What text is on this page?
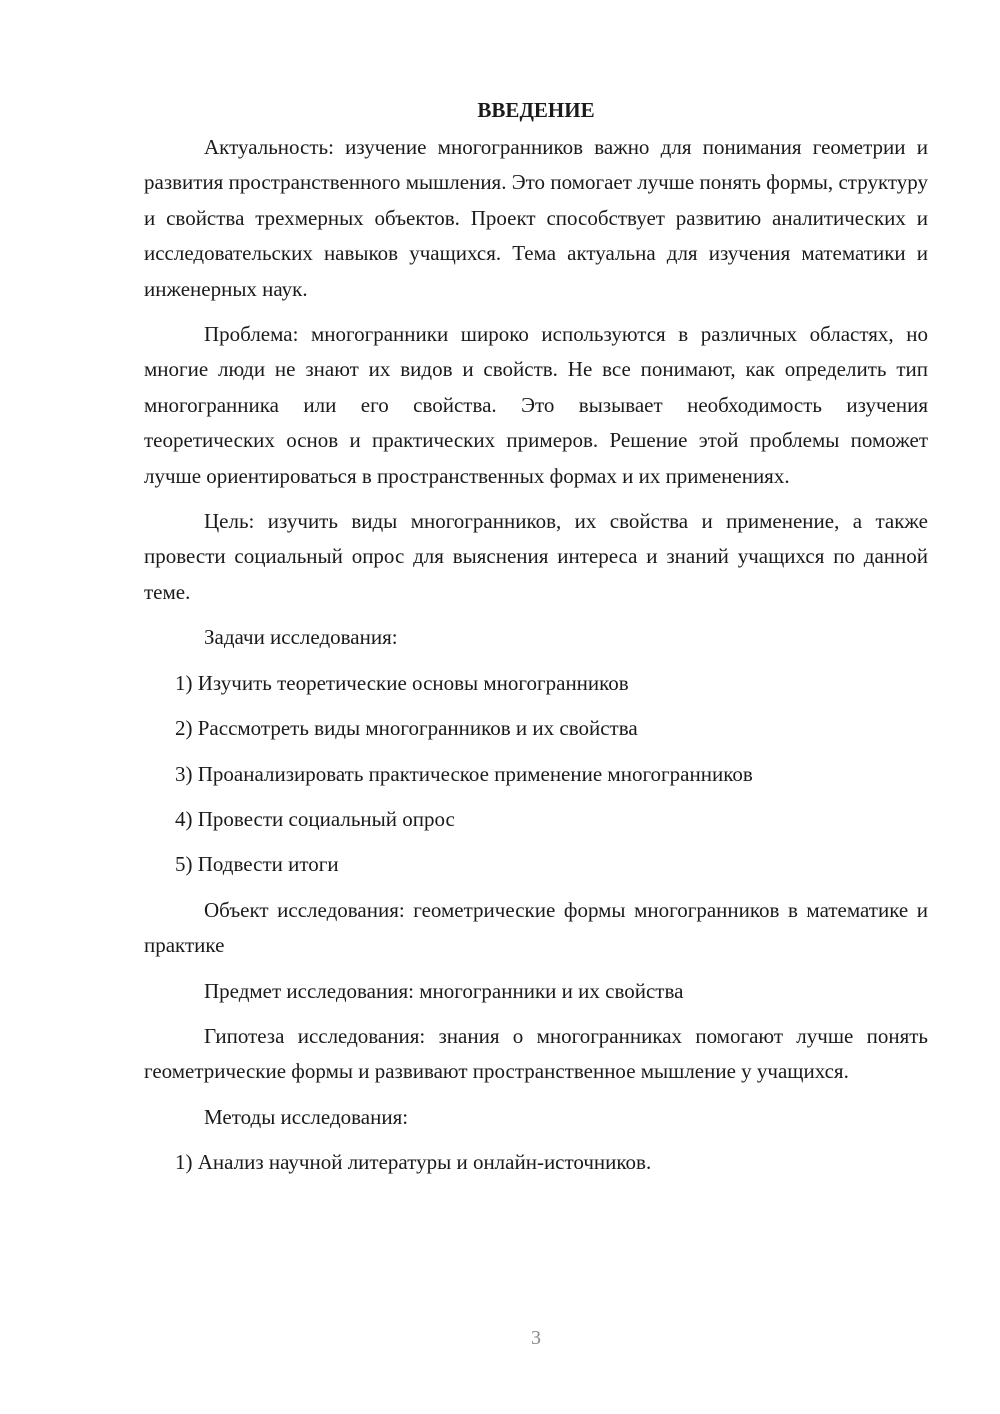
ВВЕДЕНИЕ

Актуальность: изучение многогранников важно для понимания геометрии и развития пространственного мышления. Это помогает лучше понять формы, структуру и свойства трехмерных объектов. Проект способствует развитию аналитических и исследовательских навыков учащихся. Тема актуальна для изучения математики и инженерных наук.

Проблема: многогранники широко используются в различных областях, но многие люди не знают их видов и свойств. Не все понимают, как определить тип многогранника или его свойства. Это вызывает необходимость изучения теоретических основ и практических примеров. Решение этой проблемы поможет лучше ориентироваться в пространственных формах и их применениях.

Цель: изучить виды многогранников, их свойства и применение, а также провести социальный опрос для выяснения интереса и знаний учащихся по данной теме.

Задачи исследования:

1) Изучить теоретические основы многогранников

2) Рассмотреть виды многогранников и их свойства

3) Проанализировать практическое применение многогранников

4) Провести социальный опрос

5) Подвести итоги

Объект исследования: геометрические формы многогранников в математике и практике

Предмет исследования: многогранники и их свойства

Гипотеза исследования: знания о многогранниках помогают лучше понять геометрические формы и развивают пространственное мышление у учащихся.

Методы исследования:

1) Анализ научной литературы и онлайн-источников.

3
